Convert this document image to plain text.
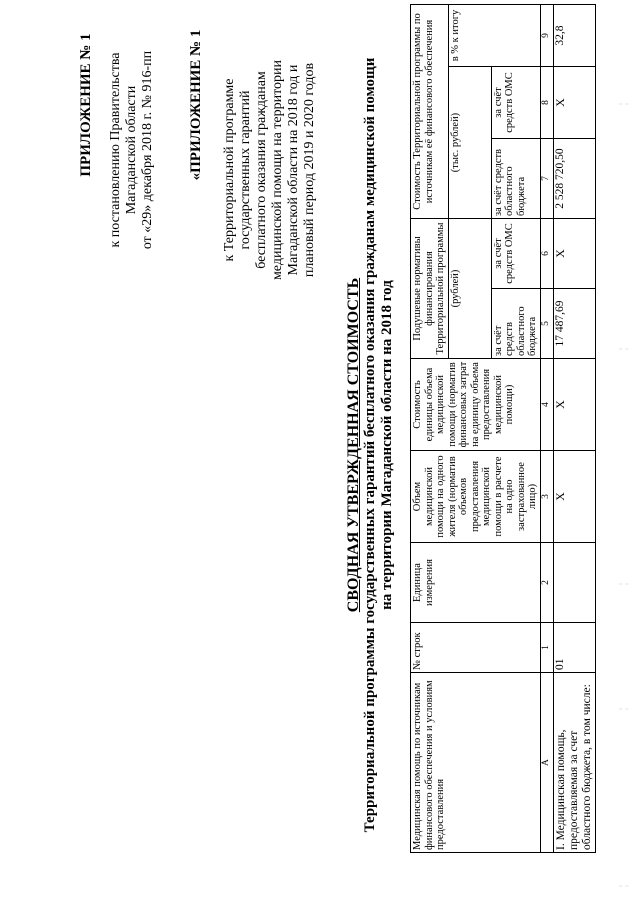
ПРИЛОЖЕНИЕ № 1 к постановлению Правительства Магаданской области от «29» декабря 2018 г. № 916-пп «ПРИЛОЖЕНИЕ № 1 к Территориальной программе государственных гарантий бесплатного оказания гражданам медицинской помощи на территории Магаданской области на 2018 год и плановый период 2019 и 2020 годов
СВОДНАЯ УТВЕРЖДЕННАЯ СТОИМОСТЬ Территориальной программы государственных гарантий бесплатного оказания гражданам медицинской помощи на территории Магаданской области на 2018 год
Медицинская помощь по источникам финансового обеспечения и условиям предоставления	№ строк	Единица измерения	Объем медицинской помощи на одного жителя (норматив объемов предоставления медицинской помощи в расчете на одно застрахованное лицо)	Стоимость единицы объема медицинской помощи (норматив финансовых затрат на единицу объема предоставления медицинской помощи)	Подушевые нормативы финансирования Территориальной программы		Стоимость Территориальной программы по источникам её финансового обеспечения		
					(рублей)		(тыс. рублей)		в % к итогу
					за счёт средств областного бюджета	за счёт средств ОМС	за счёт средств областного бюджета	за счёт средств ОМС	
А	1	2	3	4	5	6	7	8	9
I. Медицинская помощь, предоставляемая за счет областного бюджета, в том числе:	01		Х	Х	17 487,69	Х	2 528 720,50	Х	32,8
¦
¦
¦
¦
¦
